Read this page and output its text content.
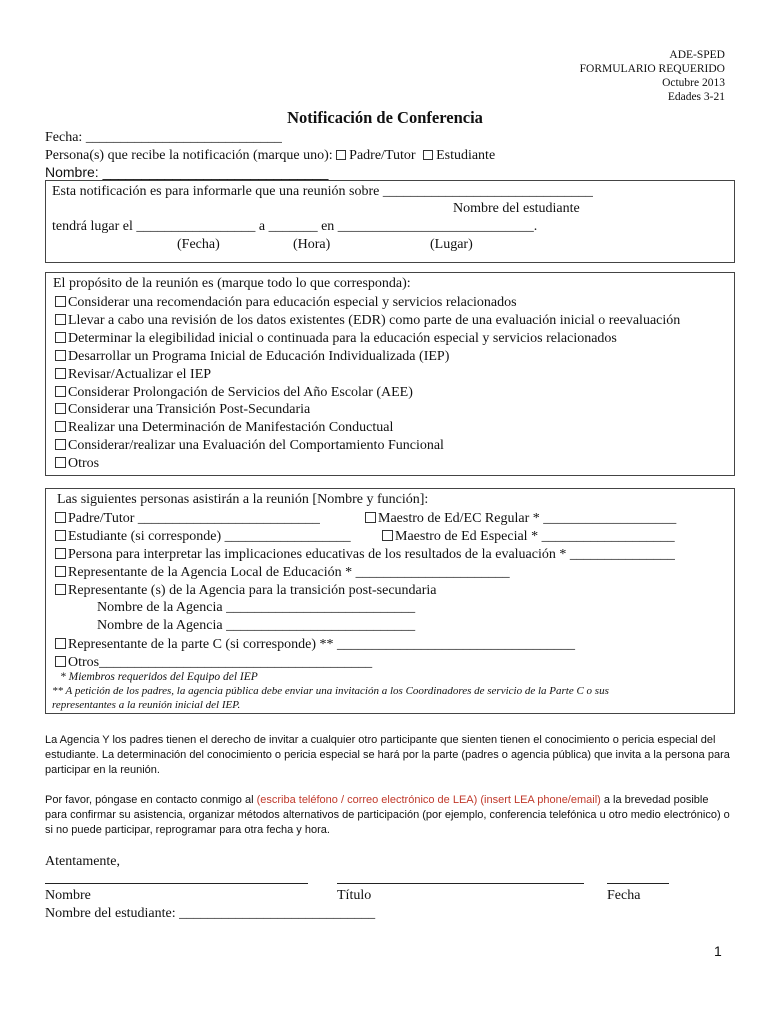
ADE-SPED
FORMULARIO REQUERIDO
Octubre 2013
Edades 3-21
Notificación de Conferencia
Fecha: ____________________________
Persona(s) que recibe la notificación (marque uno): Padre/Tutor Estudiante
Nombre: _____________________________
Esta notificación es para informarle que una reunión sobre ______________________________
Nombre del estudiante
tendrá lugar el _________________ a _______ en ____________________________.
(Fecha)	(Hora)	(Lugar)
El propósito de la reunión es (marque todo lo que corresponda):
Considerar una recomendación para educación especial y servicios relacionados
Llevar a cabo una revisión de los datos existentes (EDR) como parte de una evaluación inicial o reevaluación
Determinar la elegibilidad inicial o continuada para la educación especial y servicios relacionados
Desarrollar un Programa Inicial de Educación Individualizada (IEP)
Revisar/Actualizar el IEP
Considerar Prolongación de Servicios del Año Escolar (AEE)
Considerar una Transición Post-Secundaria
Realizar una Determinación de Manifestación Conductual
Considerar/realizar una Evaluación del Comportamiento Funcional
Otros
Las siguientes personas asistirán a la reunión [Nombre y función]:
Padre/Tutor __________________________	Maestro de Ed/EC Regular * ___________________
Estudiante (si corresponde) __________________	Maestro de Ed Especial * ___________________
Persona para interpretar las implicaciones educativas de los resultados de la evaluación * _______________
Representante de la Agencia Local de Educación * ______________________
Representante (s) de la Agencia para la transición post-secundaria
Nombre de la Agencia ___________________________
Nombre de la Agencia ___________________________
Representante de la parte C (si corresponde) ** __________________________________
Otros_______________________________________
* Miembros requeridos del Equipo del IEP
** A petición de los padres, la agencia pública debe enviar una invitación a los Coordinadores de servicio de la Parte C o sus
representantes a la reunión inicial del IEP.
La Agencia Y los padres tienen el derecho de invitar a cualquier otro participante que sienten tienen el conocimiento o pericia especial del estudiante. La determinación del conocimiento o pericia especial se hará por la parte (padres o agencia pública) que invita a la persona para participar en la reunión.
Por favor, póngase en contacto conmigo al (escriba teléfono / correo electrónico de LEA) (insert LEA phone/email) a la brevedad posible para confirmar su asistencia, organizar métodos alternativos de participación (por ejemplo, conferencia telefónica u otro medio electrónico) o si no puede participar, reprogramar para otra fecha y hora.
Atentamente,
Nombre	Título	Fecha
Nombre del estudiante: ____________________________
1
